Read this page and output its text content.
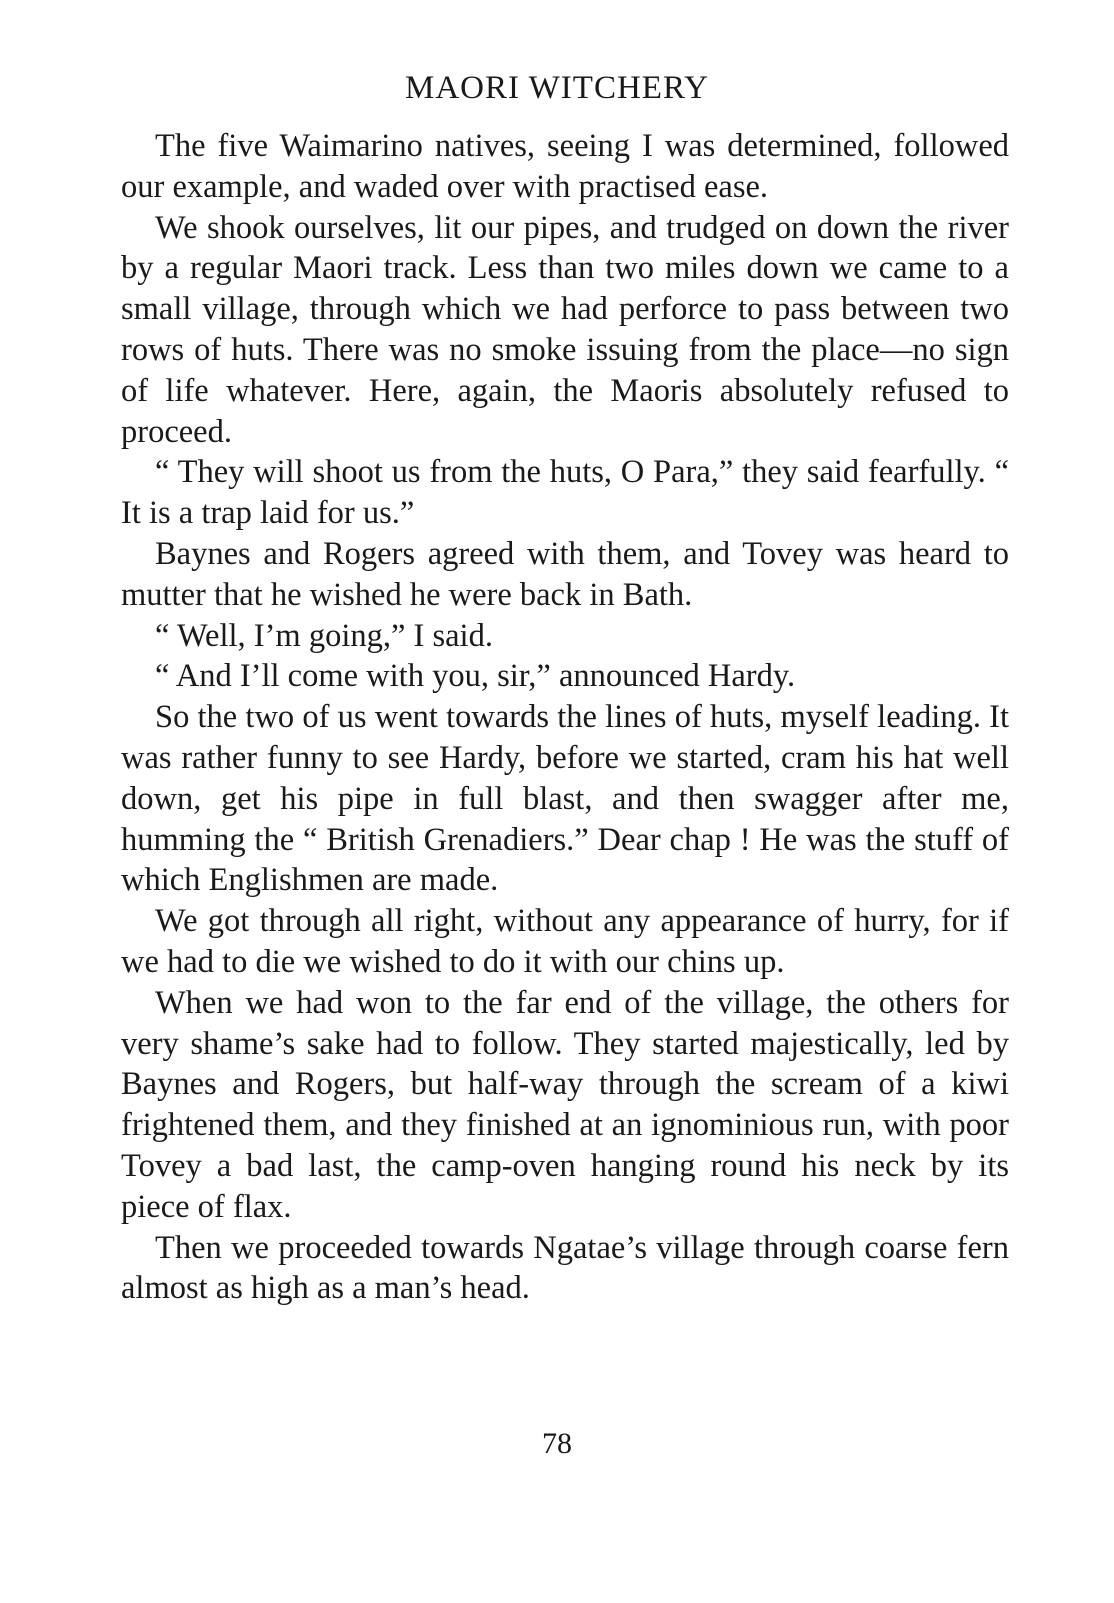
MAORI WITCHERY

The five Waimarino natives, seeing I was determined, followed our example, and waded over with practised ease.

We shook ourselves, lit our pipes, and trudged on down the river by a regular Maori track. Less than two miles down we came to a small village, through which we had perforce to pass between two rows of huts. There was no smoke issuing from the place—no sign of life whatever. Here, again, the Maoris absolutely refused to proceed.

“ They will shoot us from the huts, O Para,” they said fearfully. “ It is a trap laid for us.”

Baynes and Rogers agreed with them, and Tovey was heard to mutter that he wished he were back in Bath.

“ Well, I’m going,” I said.

“ And I’ll come with you, sir,” announced Hardy.

So the two of us went towards the lines of huts, myself leading. It was rather funny to see Hardy, before we started, cram his hat well down, get his pipe in full blast, and then swagger after me, humming the “ British Grenadiers.” Dear chap ! He was the stuff of which Englishmen are made.

We got through all right, without any appearance of hurry, for if we had to die we wished to do it with our chins up.

When we had won to the far end of the village, the others for very shame’s sake had to follow. They started majestically, led by Baynes and Rogers, but half-way through the scream of a kiwi frightened them, and they finished at an ignominious run, with poor Tovey a bad last, the camp-oven hanging round his neck by its piece of flax.

Then we proceeded towards Ngatae’s village through coarse fern almost as high as a man’s head.

78
